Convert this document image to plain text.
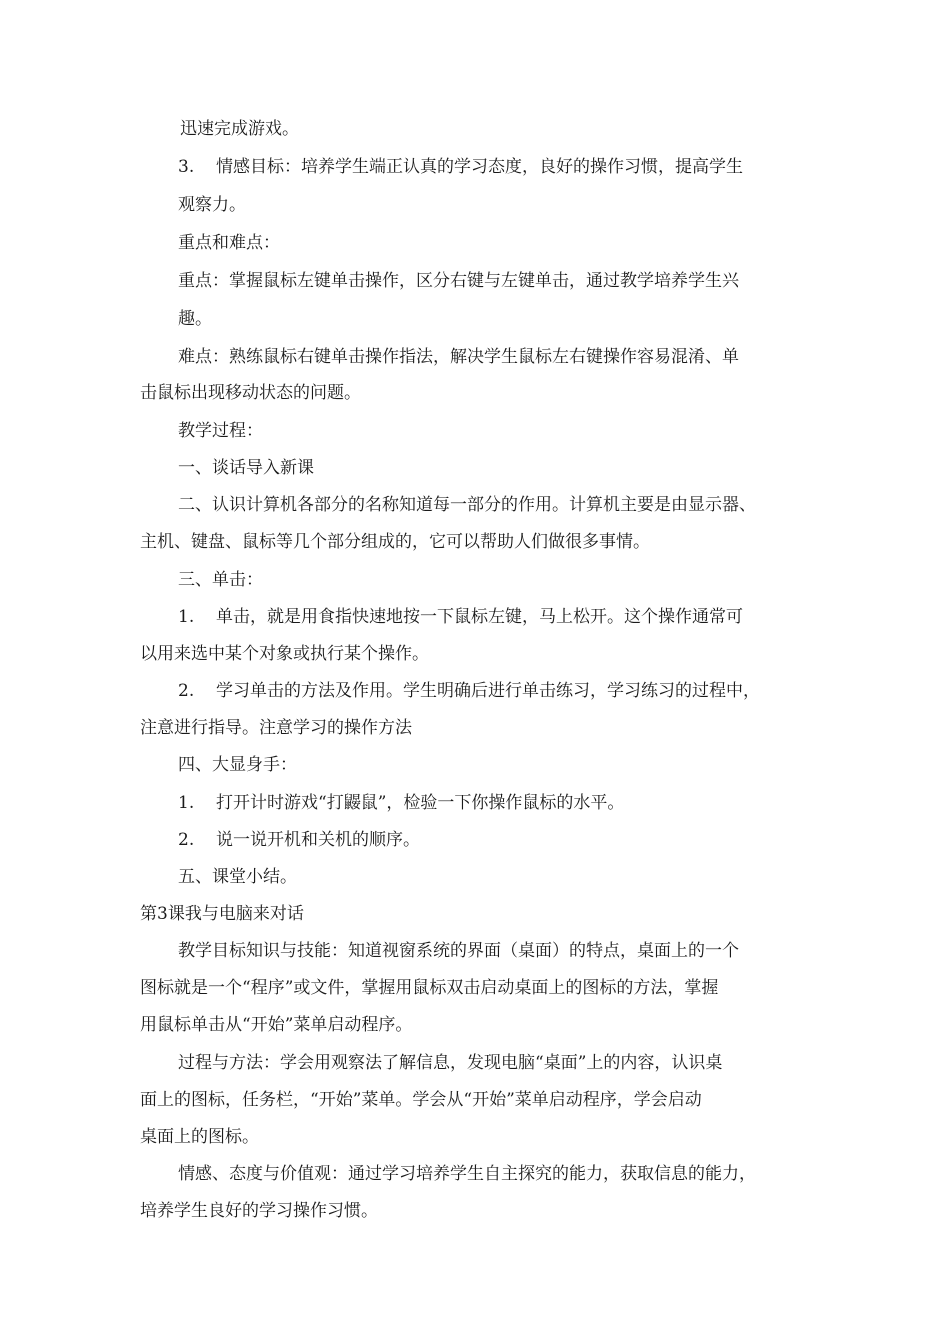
迅速完成游戏。
3. 情感目标：培养学生端正认真的学习态度，良好的操作习惯，提高学生
观察力。
重点和难点：
重点：掌握鼠标左键单击操作，区分右键与左键单击，通过教学培养学生兴
趣。
难点：熟练鼠标右键单击操作指法，解决学生鼠标左右键操作容易混淆、单
击鼠标出现移动状态的问题。
教学过程：
一、谈话导入新课
二、认识计算机各部分的名称知道每一部分的作用。计算机主要是由显示器、
主机、键盘、鼠标等几个部分组成的，它可以帮助人们做很多事情。
三、单击：
1. 单击，就是用食指快速地按一下鼠标左键，马上松开。这个操作通常可
以用来选中某个对象或执行某个操作。
2. 学习单击的方法及作用。学生明确后进行单击练习，学习练习的过程中，
注意进行指导。注意学习的操作方法
四、大显身手：
1. 打开计时游戏“打鼹鼠”，检验一下你操作鼠标的水平。
2. 说一说开机和关机的顺序。
五、课堂小结。
第3课我与电脑来对话
教学目标知识与技能：知道视窗系统的界面（桌面）的特点，桌面上的一个
图标就是一个“程序”或文件，掌握用鼠标双击启动桌面上的图标的方法，掌握
用鼠标单击从“开始”菜单启动程序。
过程与方法：学会用观察法了解信息，发现电脑“桌面”上的内容，认识桌
面上的图标，任务栏，“开始”菜单。学会从“开始”菜单启动程序，学会启动
桌面上的图标。
情感、态度与价值观：通过学习培养学生自主探究的能力，获取信息的能力，
培养学生良好的学习操作习惯。
